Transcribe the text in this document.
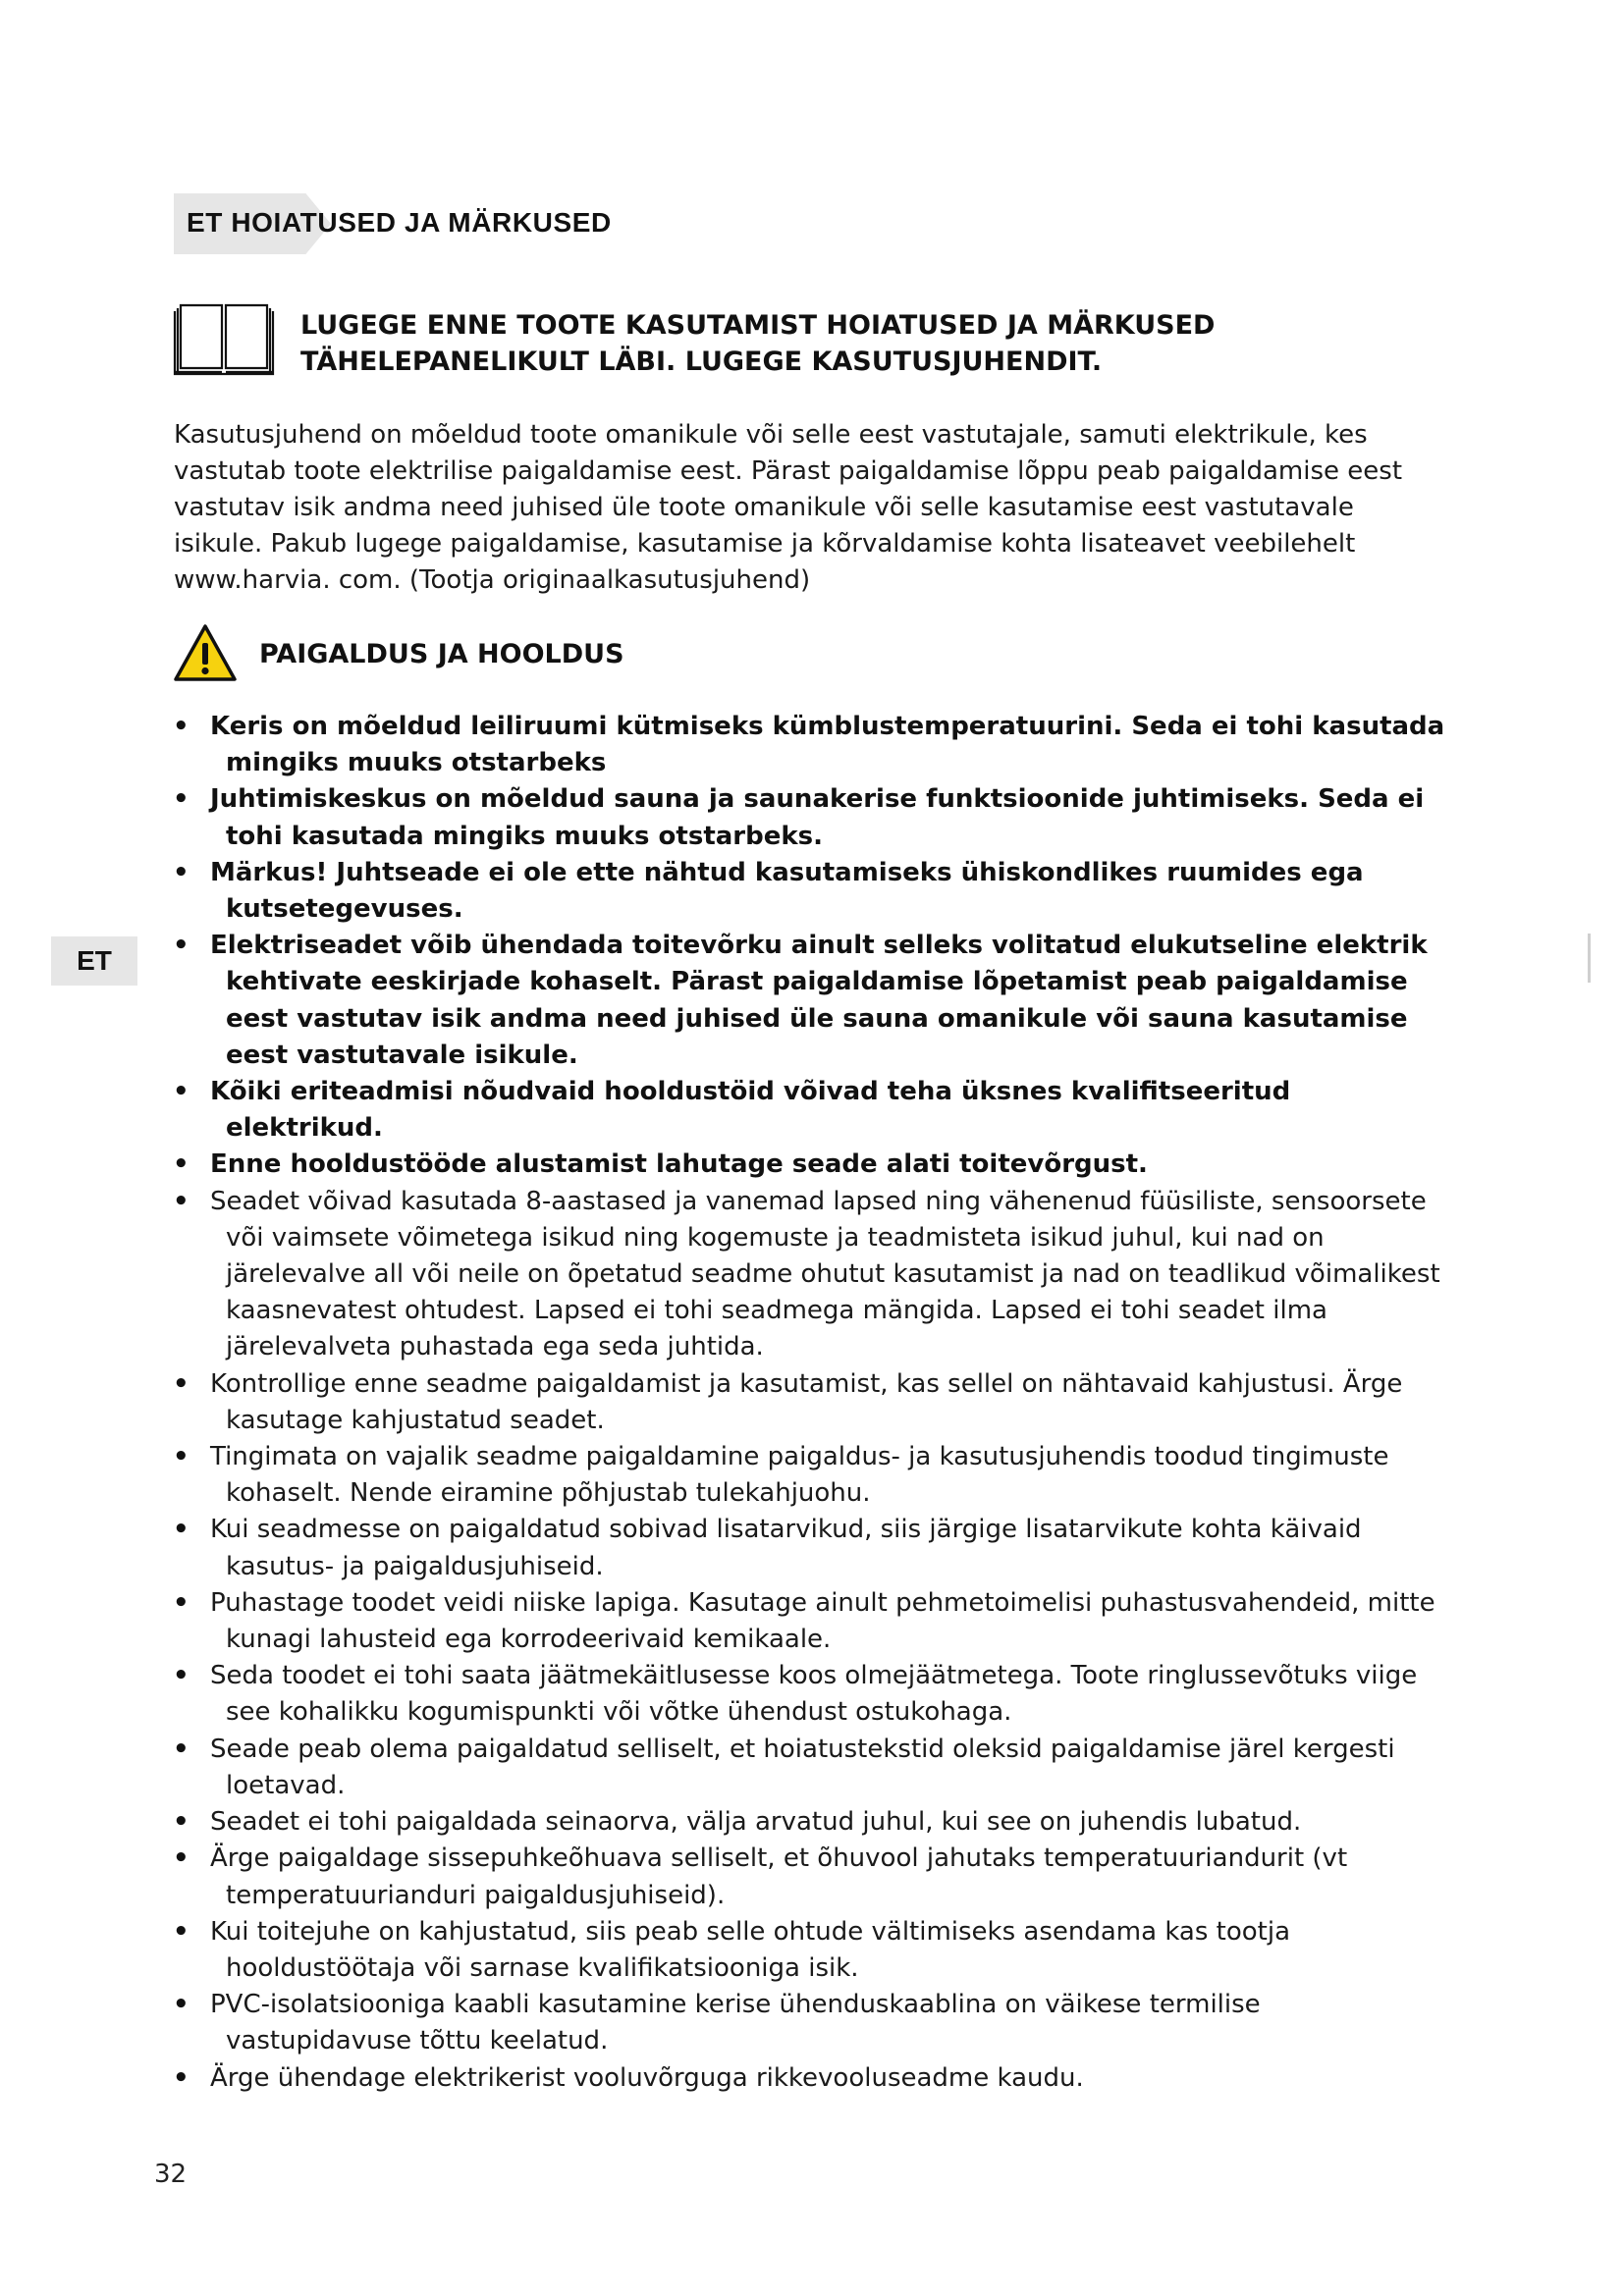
ET HOIATUSED JA MÄRKUSED
LUGEGE ENNE TOOTE KASUTAMIST HOIATUSED JA MÄRKUSED TÄHELEPANELIKULT LÄBI. LUGEGE KASUTUSJUHENDIT.
Kasutusjuhend on mõeldud toote omanikule või selle eest vastutajale, samuti elektrikule, kes vastutab toote elektrilise paigaldamise eest. Pärast paigaldamise lõppu peab paigaldamise eest vastutav isik andma need juhised üle toote omanikule või selle kasutamise eest vastutavale isikule. Pakub lugege paigaldamise, kasutamise ja kõrvaldamise kohta lisateavet veebilehelt www.harvia. com. (Tootja originaalkasutusjuhend)
PAIGALDUS JA HOOLDUS
ET
• Keris on mõeldud leiliruumi kütmiseks kümblustemperatuurini. Seda ei tohi kasutada mingiks muuks otstarbeks
• Juhtimiskeskus on mõeldud sauna ja saunakerise funktsioonide juhtimiseks. Seda ei tohi kasutada mingiks muuks otstarbeks.
• Märkus! Juhtseade ei ole ette nähtud kasutamiseks ühiskondlikes ruumides ega kutsetegevuses.
• Elektriseadet võib ühendada toitevõrku ainult selleks volitatud elukutseline elektrik kehtivate eeskirjade kohaselt. Pärast paigaldamise lõpetamist peab paigaldamise eest vastutav isik andma need juhised üle sauna omanikule või sauna kasutamise eest vastutavale isikule.
• Kõiki eriteadmisi nõudvaid hooldustöid võivad teha üksnes kvalifitseeritud elektrikud.
• Enne hooldustööde alustamist lahutage seade alati toitevõrgust.
• Seadet võivad kasutada 8-aastased ja vanemad lapsed ning vähenenud füüsiliste, sensoorsete või vaimsete võimetega isikud ning kogemuste ja teadmisteta isikud juhul, kui nad on järelevalve all või neile on õpetatud seadme ohutut kasutamist ja nad on teadlikud võimalikest kaasnevatest ohtudest. Lapsed ei tohi seadmega mängida. Lapsed ei tohi seadet ilma järelevalveta puhastada ega seda juhtida.
• Kontrollige enne seadme paigaldamist ja kasutamist, kas sellel on nähtavaid kahjustusi. Ärge kasutage kahjustatud seadet.
• Tingimata on vajalik seadme paigaldamine paigaldus- ja kasutusjuhendis toodud tingimuste kohaselt. Nende eiramine põhjustab tulekahjuohu.
• Kui seadmesse on paigaldatud sobivad lisatarvikud, siis järgige lisatarvikute kohta käivaid kasutus- ja paigaldusjuhiseid.
• Puhastage toodet veidi niiske lapiga. Kasutage ainult pehmetoimelisi puhastusvahendeid, mitte kunagi lahusteid ega korrodeerivaid kemikaale.
• Seda toodet ei tohi saata jäätmekäitlusesse koos olmejäätmetega. Toote ringlussevõtuks viige see kohalikku kogumispunkti või võtke ühendust ostukohaga.
• Seade peab olema paigaldatud selliselt, et hoiatustekstid oleksid paigaldamise järel kergesti loetavad.
• Seadet ei tohi paigaldada seinaorva, välja arvatud juhul, kui see on juhendis lubatud.
• Ärge paigaldage sissepuhkeõhuava selliselt, et õhuvool jahutaks temperatuuriandurit (vt temperatuurianduri paigaldusjuhiseid).
• Kui toitejuhe on kahjustatud, siis peab selle ohtude vältimiseks asendama kas tootja hooldustöötaja või sarnase kvalifikatsiooniga isik.
• PVC-isolatsiooniga kaabli kasutamine kerise ühenduskaablina on väikese termilise vastupidavuse tõttu keelatud.
• Ärge ühendage elektrikerist vooluvõrguga rikkevooluseadme kaudu.
32
